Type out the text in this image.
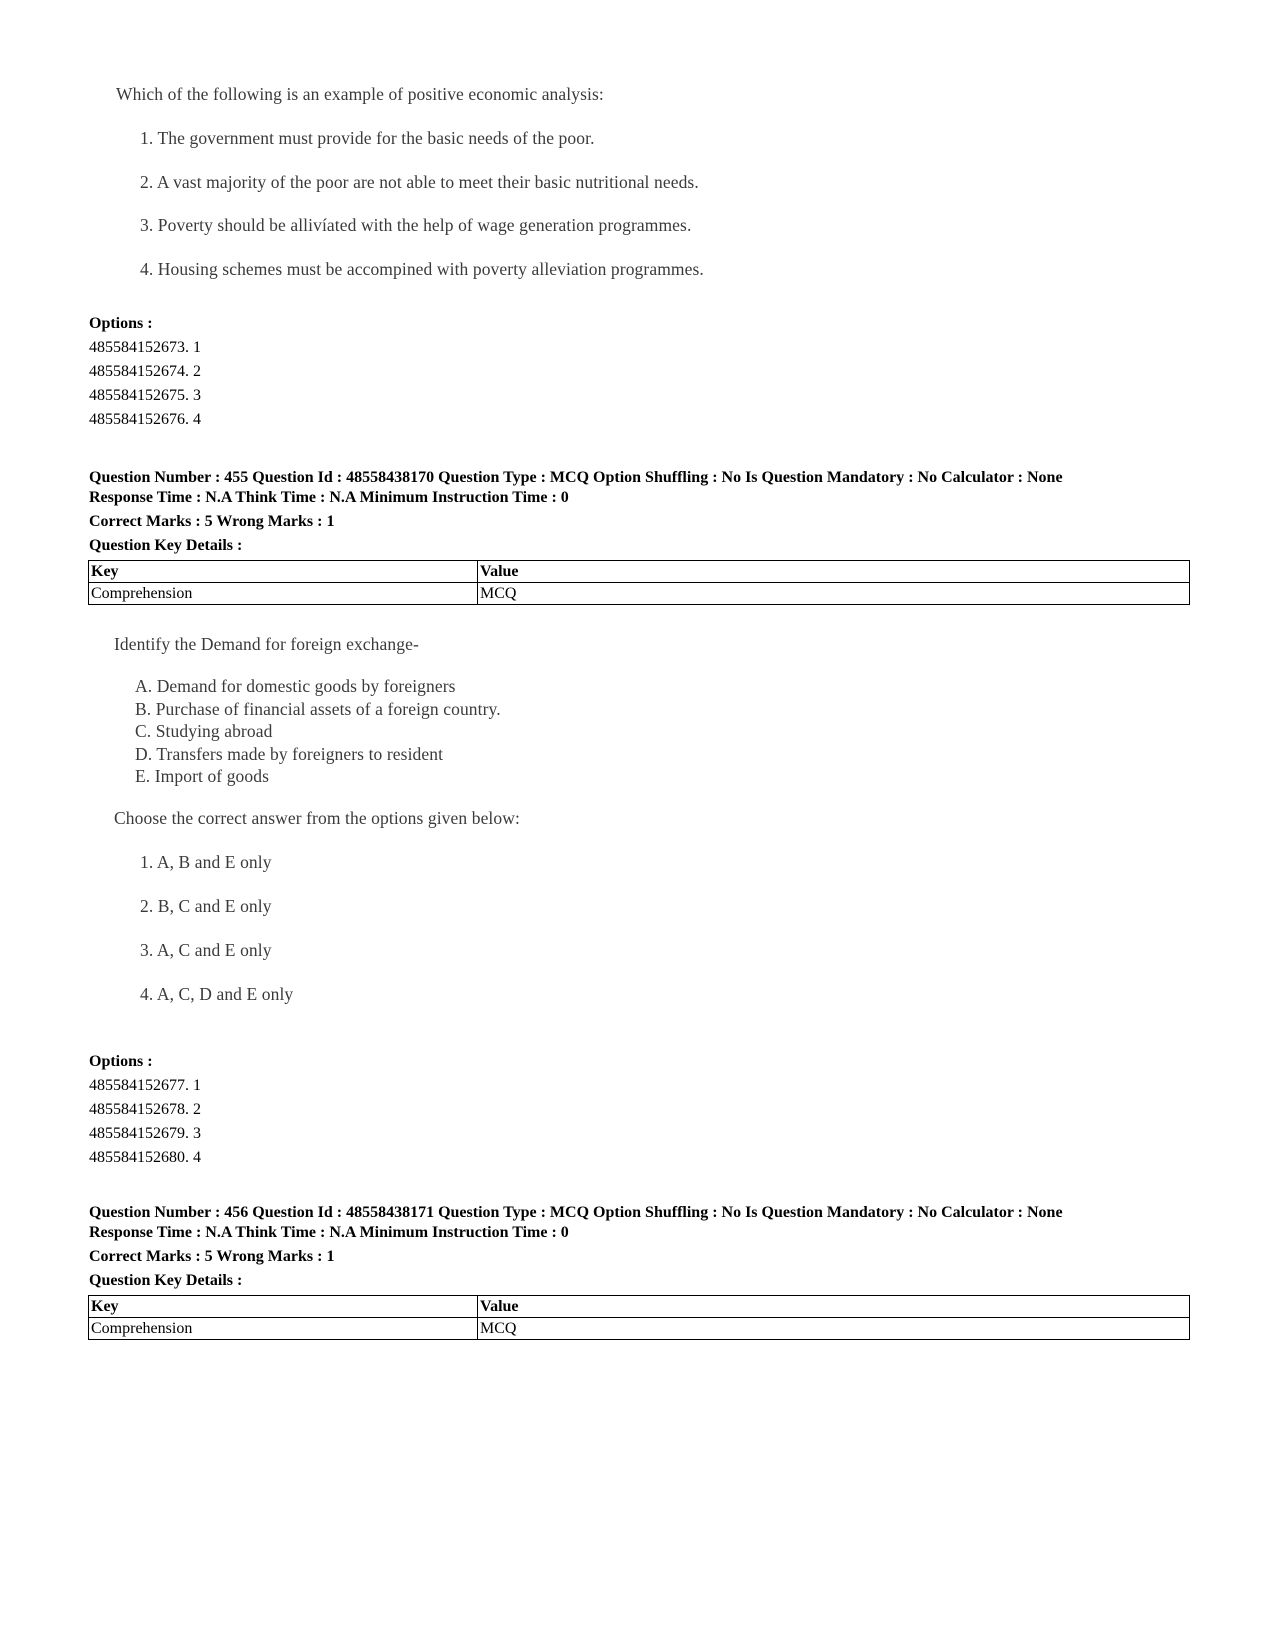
Which of the following is an example of positive economic analysis:
1. The government must provide for the basic needs of the poor.
2. A vast majority of the poor are not able to meet their basic nutritional needs.
3. Poverty should be allivíated with the help of wage generation programmes.
4. Housing schemes must be accompined with poverty alleviation programmes.
Options :
485584152673. 1
485584152674. 2
485584152675. 3
485584152676. 4
Question Number : 455 Question Id : 48558438170 Question Type : MCQ Option Shuffling : No Is Question Mandatory : No Calculator : None
Response Time : N.A Think Time : N.A Minimum Instruction Time : 0
Correct Marks : 5 Wrong Marks : 1
Question Key Details :
Key	Value
Comprehension	MCQ
Identify the Demand for foreign exchange-
A. Demand for domestic goods by foreigners
B. Purchase of financial assets of a foreign country.
C. Studying abroad
D. Transfers made by foreigners to resident
E. Import of goods
Choose the correct answer from the options given below:
1. A, B and E only
2. B, C and E only
3. A, C and E only
4. A, C, D and E only
Options :
485584152677. 1
485584152678. 2
485584152679. 3
485584152680. 4
Question Number : 456 Question Id : 48558438171 Question Type : MCQ Option Shuffling : No Is Question Mandatory : No Calculator : None
Response Time : N.A Think Time : N.A Minimum Instruction Time : 0
Correct Marks : 5 Wrong Marks : 1
Question Key Details :
Key	Value
Comprehension	MCQ
